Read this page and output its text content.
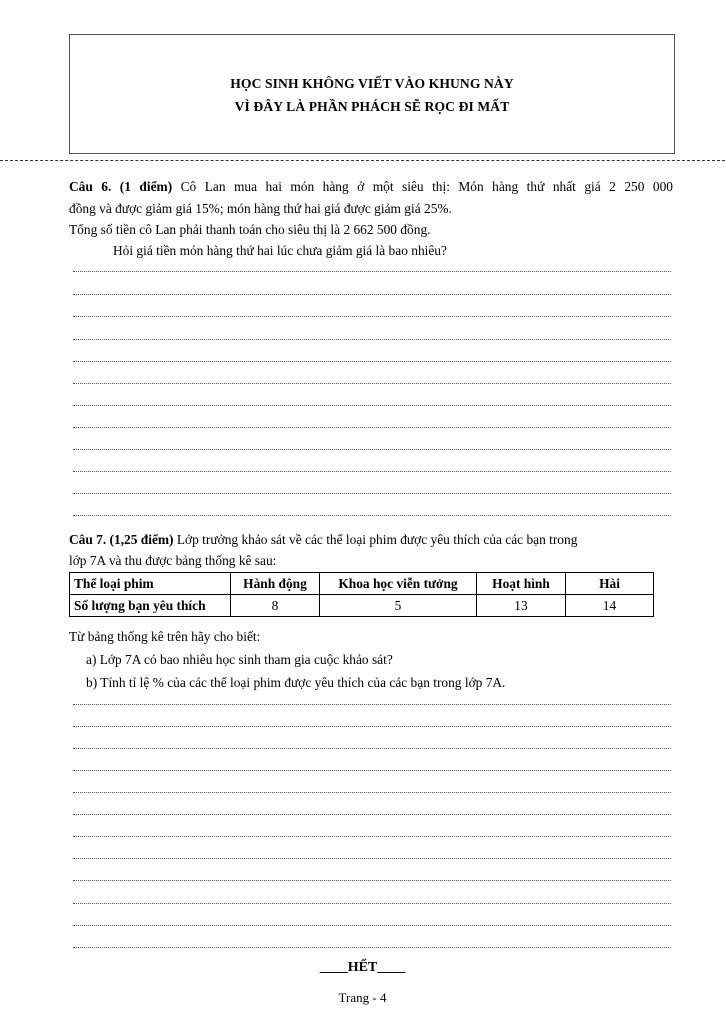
HỌC SINH KHÔNG VIẾT VÀO KHUNG NÀY
VÌ ĐÂY LÀ PHẦN PHÁCH SẼ RỌC ĐI MẤT
Câu 6. (1 điểm) Cô Lan mua hai món hàng ở một siêu thị: Món hàng thứ nhất giá 2 250 000
đồng và được giảm giá 15%; món hàng thứ hai giá được giảm giá 25%.
Tổng số tiền cô Lan phải thanh toán cho siêu thị là 2 662 500 đồng.
Hỏi giá tiền món hàng thứ hai lúc chưa giảm giá là bao nhiêu?
Câu 7. (1,25 điểm) Lớp trưởng khảo sát về các thể loại phim được yêu thích của các bạn trong
lớp 7A và thu được bảng thống kê sau:
Thể loại phim	Hành động	Khoa học viễn tưởng	Hoạt hình	Hài
Số lượng bạn yêu thích	8	5	13	14
Từ bảng thống kê trên hãy cho biết:
a) Lớp 7A có bao nhiêu học sinh tham gia cuộc khảo sát?
b) Tính tỉ lệ % của các thể loại phim được yêu thích của các bạn trong lớp 7A.
____HẾT____
Trang - 4
